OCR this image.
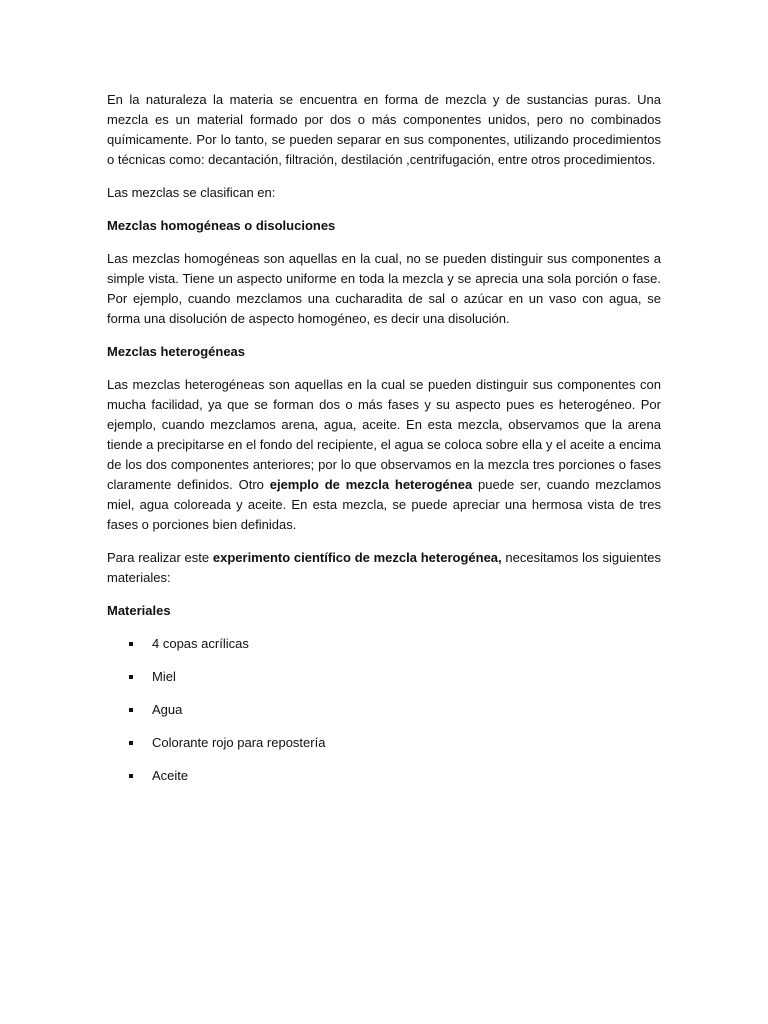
En la naturaleza la materia se encuentra en forma de mezcla y de sustancias puras. Una mezcla es un material formado por dos o más componentes unidos, pero no combinados químicamente. Por lo tanto, se pueden separar en sus componentes, utilizando procedimientos o técnicas como: decantación, filtración, destilación ,centrifugación, entre otros procedimientos.

Las mezclas se clasifican en:

Mezclas homogéneas o disoluciones

Las mezclas homogéneas son aquellas en la cual, no se pueden distinguir sus componentes a simple vista. Tiene un aspecto uniforme en toda la mezcla y se aprecia una sola porción o fase. Por ejemplo, cuando mezclamos una cucharadita de sal o azúcar en un vaso con agua, se forma una disolución de aspecto homogéneo, es decir una disolución.

Mezclas heterogéneas

Las mezclas heterogéneas son aquellas en la cual se pueden distinguir sus componentes con mucha facilidad, ya que se forman dos o más fases y su aspecto pues es heterogéneo. Por ejemplo, cuando mezclamos arena, agua, aceite. En esta mezcla, observamos que la arena tiende a precipitarse en el fondo del recipiente, el agua se coloca sobre ella y el aceite a encima de los dos componentes anteriores; por lo que observamos en la mezcla tres porciones o fases claramente definidos. Otro ejemplo de mezcla heterogénea puede ser, cuando mezclamos miel, agua coloreada y aceite. En esta mezcla, se puede apreciar una hermosa vista de tres fases o porciones bien definidas.

Para realizar este experimento científico de mezcla heterogénea, necesitamos los siguientes materiales:

Materiales

4 copas acrílicas
Miel
Agua
Colorante rojo para repostería
Aceite
